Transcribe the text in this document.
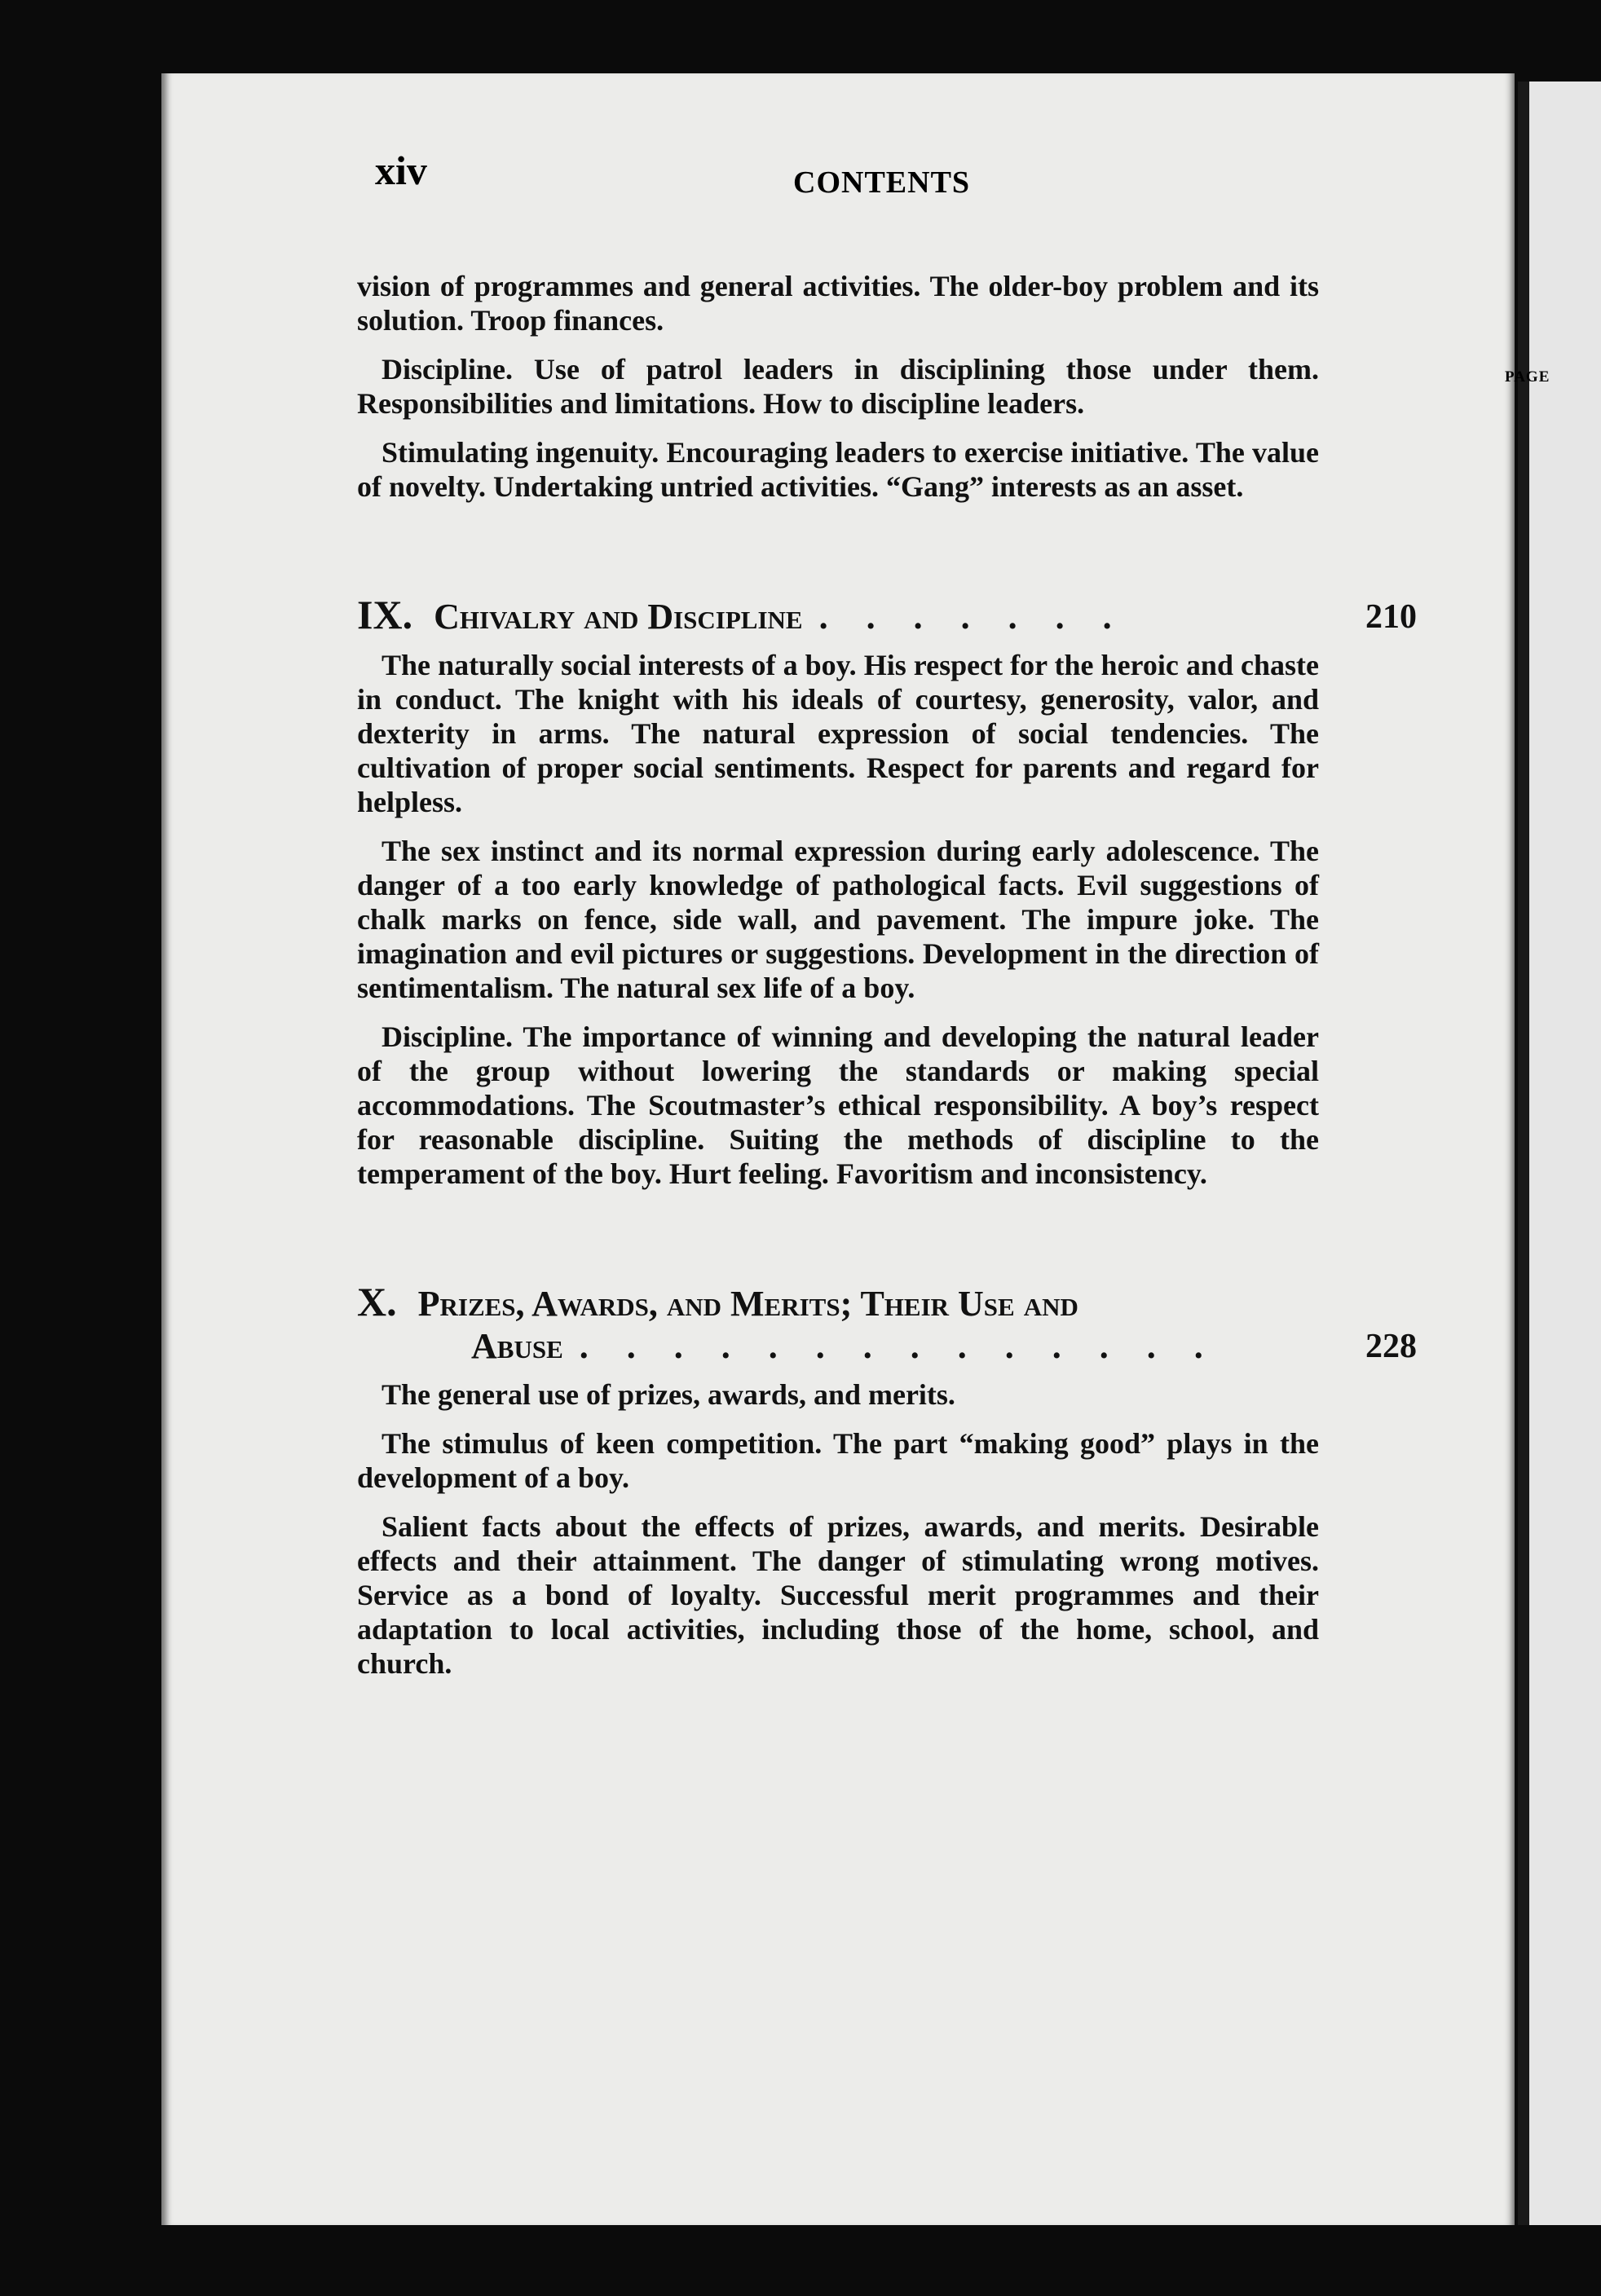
xiv	CONTENTS
PAGE

vision of programmes and general activities. The older-boy problem and its solution. Troop finances.

Discipline. Use of patrol leaders in disciplining those under them. Responsibilities and limitations. How to discipline leaders.

Stimulating ingenuity. Encouraging leaders to exercise initiative. The value of novelty. Undertaking untried activities. “Gang” interests as an asset.

IX. Chivalry and Discipline . . . . . . .	210

The naturally social interests of a boy. His respect for the heroic and chaste in conduct. The knight with his ideals of courtesy, generosity, valor, and dexterity in arms. The natural expression of social tendencies. The cultivation of proper social sentiments. Respect for parents and regard for helpless.

The sex instinct and its normal expression during early adolescence. The danger of a too early knowledge of pathological facts. Evil suggestions of chalk marks on fence, side wall, and pavement. The impure joke. The imagination and evil pictures or suggestions. Development in the direction of sentimentalism. The natural sex life of a boy.

Discipline. The importance of winning and developing the natural leader of the group without lowering the standards or making special accommodations. The Scoutmaster’s ethical responsibility. A boy’s respect for reasonable discipline. Suiting the methods of discipline to the temperament of the boy. Hurt feeling. Favoritism and inconsistency.

X. Prizes, Awards, and Merits; Their Use and
Abuse . . . . . . . . . . . . . .	228

The general use of prizes, awards, and merits.

The stimulus of keen competition. The part “making good” plays in the development of a boy.

Salient facts about the effects of prizes, awards, and merits. Desirable effects and their attainment. The danger of stimulating wrong motives. Service as a bond of loyalty. Successful merit programmes and their adaptation to local activities, including those of the home, school, and church.
